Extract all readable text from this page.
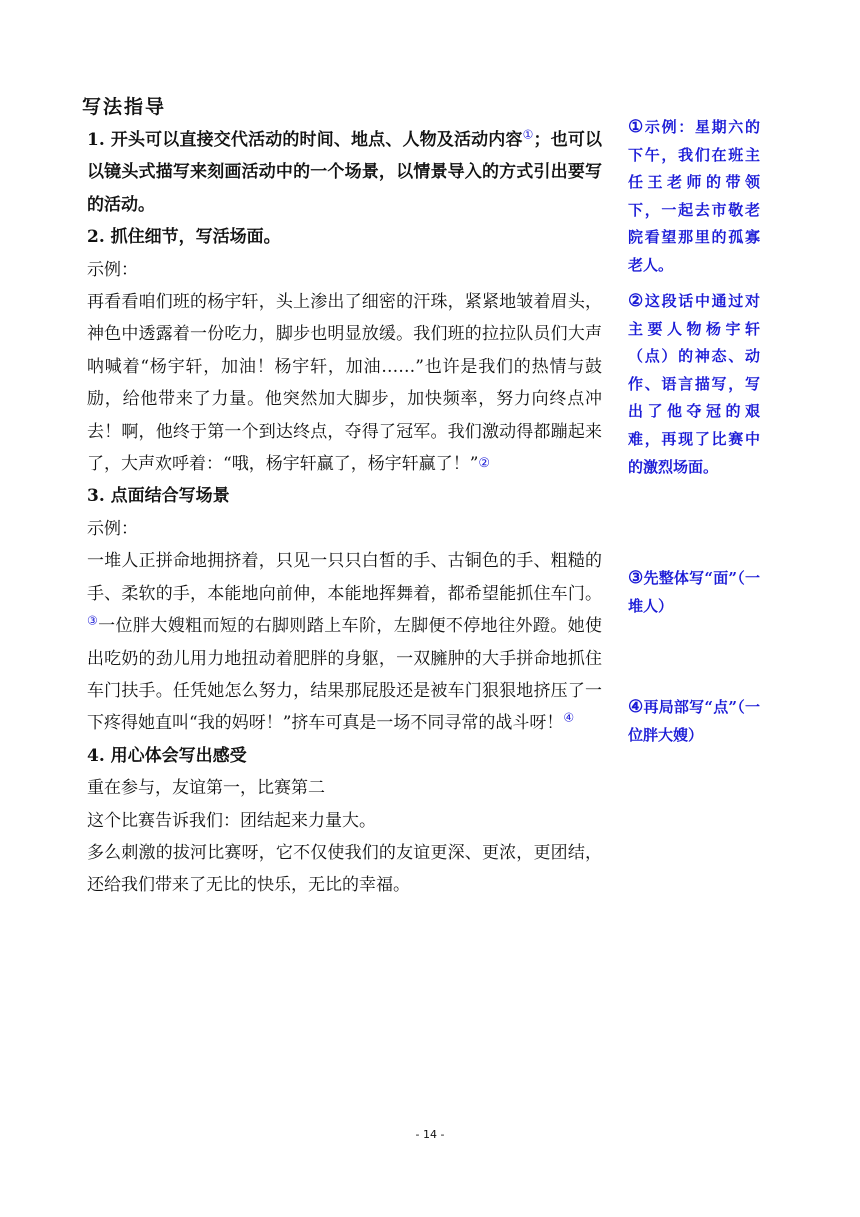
写法指导

1. 开头可以直接交代活动的时间、地点、人物及活动内容①；也可以以镜头式描写来刻画活动中的一个场景，以情景导入的方式引出要写的活动。

2. 抓住细节，写活场面。

示例：

再看看咱们班的杨宇轩，头上渗出了细密的汗珠，紧紧地皱着眉头，神色中透露着一份吃力，脚步也明显放缓。我们班的拉拉队员们大声呐喊着“杨宇轩，加油！杨宇轩，加油……”也许是我们的热情与鼓励，给他带来了力量。他突然加大脚步，加快频率，努力向终点冲去！啊，他终于第一个到达终点，夺得了冠军。我们激动得都蹦起来了，大声欢呼着：“哦，杨宇轩赢了，杨宇轩赢了！”②

3. 点面结合写场景

示例：

一堆人正拼命地拥挤着，只见一只只白皙的手、古铜色的手、粗糙的手、柔软的手，本能地向前伸，本能地挥舞着，都希望能抓住车门。③一位胖大嫂粗而短的右脚则踏上车阶，左脚便不停地往外蹬。她使出吃奶的劲儿用力地扭动着肥胖的身躯，一双臃肿的大手拼命地抓住车门扶手。任凭她怎么努力，结果那屁股还是被车门狠狠地挤压了一下疼得她直叫“我的妈呀！”挤车可真是一场不同寻常的战斗呀！④

4. 用心体会写出感受

重在参与，友谊第一，比赛第二

这个比赛告诉我们：团结起来力量大。

多么刺激的拔河比赛呀，它不仅使我们的友谊更深、更浓，更团结，还给我们带来了无比的快乐，无比的幸福。

①示例：星期六的下午，我们在班主任王老师的带领下，一起去市敬老院看望那里的孤寡老人。
②这段话中通过对主要人物杨宇轩（点）的神态、动作、语言描写，写出了他夺冠的艰难，再现了比赛中的激烈场面。
③先整体写“面”（一堆人）
④再局部写“点”（一位胖大嫂）
- 14 -
